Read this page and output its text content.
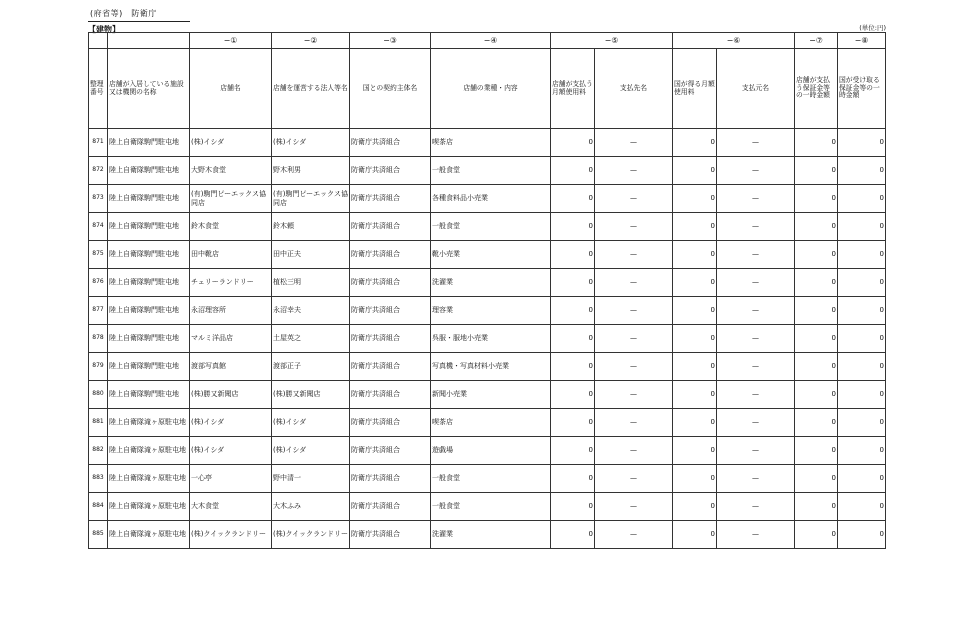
(府省等)　防衛庁
【建物】	(単位:円)
		−①	−②	−③	−④	−⑤		−⑥		−⑦	−⑧
整理番号	店舗が入居している施設又は機関の名称	店舗名	店舗を運営する法人等名	国との契約主体名	店舗の業種・内容	店舗が支払う月額使用料	支払先名	国が得る月額使用料	支払元名	店舗が支払う保証金等の一時金額	国が受け取る保証金等の一時金額
871	陸上自衛隊駒門駐屯地	(株)イシダ	(株)イシダ	防衛庁共済組合	喫茶店	0	—	0	—	0	0
872	陸上自衛隊駒門駐屯地	大野木食堂	野木利男	防衛庁共済組合	一般食堂	0	—	0	—	0	0
873	陸上自衛隊駒門駐屯地	(有)駒門ピーエックス協同店	(有)駒門ピーエックス協同店	防衛庁共済組合	各種食料品小売業	0	—	0	—	0	0
874	陸上自衛隊駒門駐屯地	鈴木食堂	鈴木頼	防衛庁共済組合	一般食堂	0	—	0	—	0	0
875	陸上自衛隊駒門駐屯地	田中靴店	田中正夫	防衛庁共済組合	靴小売業	0	—	0	—	0	0
876	陸上自衛隊駒門駐屯地	チェリーランドリー	植松三明	防衛庁共済組合	洗濯業	0	—	0	—	0	0
877	陸上自衛隊駒門駐屯地	永沼理容所	永沼幸夫	防衛庁共済組合	理容業	0	—	0	—	0	0
878	陸上自衛隊駒門駐屯地	マルミ洋品店	土屋英之	防衛庁共済組合	呉服・服地小売業	0	—	0	—	0	0
879	陸上自衛隊駒門駐屯地	渡部写真館	渡部正子	防衛庁共済組合	写真機・写真材料小売業	0	—	0	—	0	0
880	陸上自衛隊駒門駐屯地	(株)勝又新聞店	(株)勝又新聞店	防衛庁共済組合	新聞小売業	0	—	0	—	0	0
881	陸上自衛隊滝ヶ原駐屯地	(株)イシダ	(株)イシダ	防衛庁共済組合	喫茶店	0	—	0	—	0	0
882	陸上自衛隊滝ヶ原駐屯地	(株)イシダ	(株)イシダ	防衛庁共済組合	遊戯場	0	—	0	—	0	0
883	陸上自衛隊滝ヶ原駐屯地	一心亭	野中清一	防衛庁共済組合	一般食堂	0	—	0	—	0	0
884	陸上自衛隊滝ヶ原駐屯地	大木食堂	大木ふみ	防衛庁共済組合	一般食堂	0	—	0	—	0	0
885	陸上自衛隊滝ヶ原駐屯地	(株)クイックランドリー	(株)クイックランドリー	防衛庁共済組合	洗濯業	0	—	0	—	0	0
